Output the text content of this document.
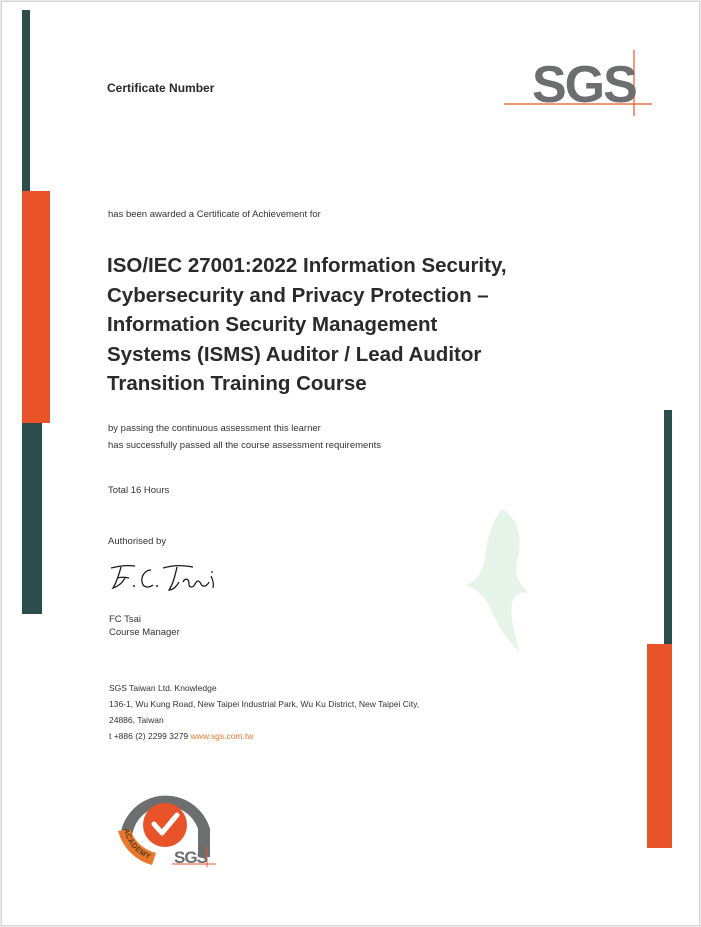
SGS
Certificate Number
has been awarded a Certificate of Achievement for
ISO/IEC 27001:2022 Information Security,
Cybersecurity and Privacy Protection –
Information Security Management
Systems (ISMS) Auditor / Lead Auditor
Transition Training Course
by passing the continuous assessment this learner
has successfully passed all the course assessment requirements
Total 16 Hours
Authorised by
FC Tsai
Course Manager
SGS Taiwan Ltd. Knowledge
136-1, Wu Kung Road, New Taipei Industrial Park, Wu Ku District, New Taipei City,
24886, Taiwan
t +886 (2) 2299 3279 www.sgs.com.tw
ACADEMY SGS
